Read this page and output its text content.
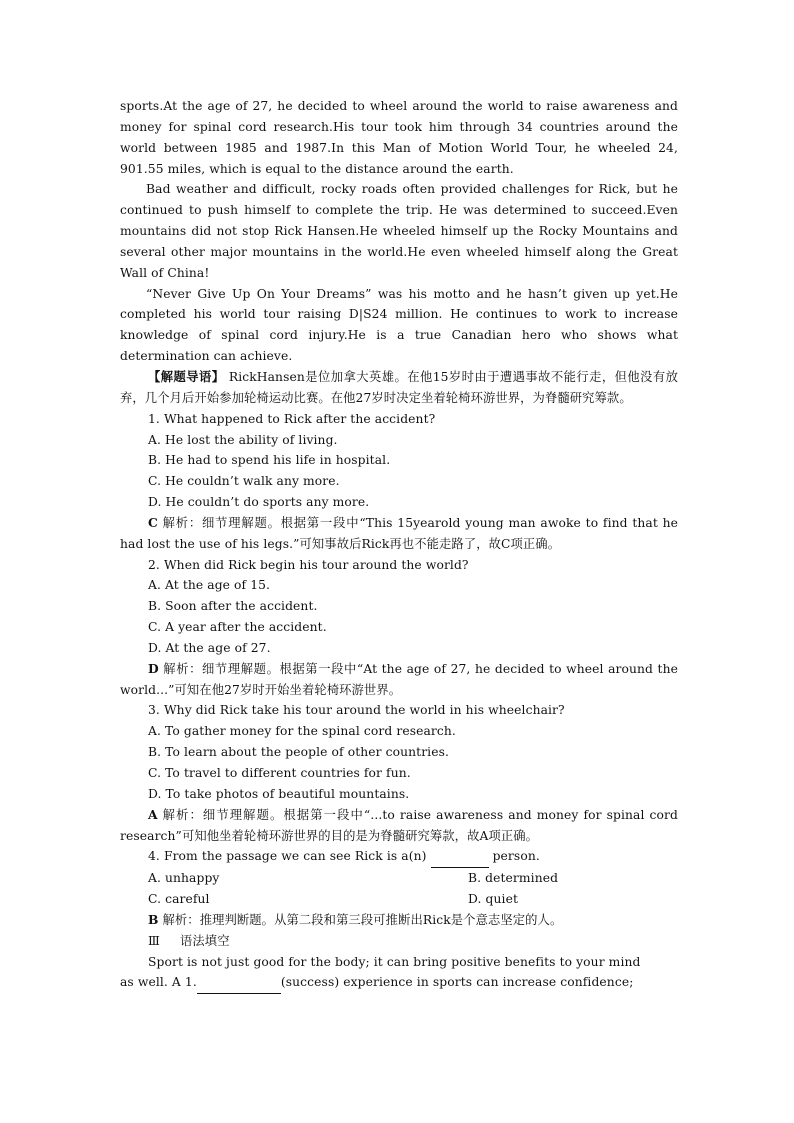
sports.At the age of 27, he decided to wheel around the world to raise awareness and money for spinal cord research.His tour took him through 34 countries around the world between 1985 and 1987.In this Man of Motion World Tour, he wheeled 24, 901.55 miles, which is equal to the distance around the earth.

Bad weather and difficult, rocky roads often provided challenges for Rick, but he continued to push himself to complete the trip. He was determined to succeed.Even mountains did not stop Rick Hansen.He wheeled himself up the Rocky Mountains and several other major mountains in the world.He even wheeled himself along the Great Wall of China!

“Never Give Up On Your Dreams” was his motto and he hasn’t given up yet.He completed his world tour raising D|S24 million. He continues to work to increase knowledge of spinal cord injury.He is a true Canadian hero who shows what determination can achieve.

【解题导语】 RickHansen是位加拿大英雄。在他15岁时由于遭遇事故不能行走，但他没有放弃，几个月后开始参加轮椅运动比赛。在他27岁时决定坐着轮椅环游世界，为脊髓研究筹款。

1. What happened to Rick after the accident?

A. He lost the ability of living.

B. He had to spend his life in hospital.

C. He couldn’t walk any more.

D. He couldn’t do sports any more.

C 解析：细节理解题。根据第一段中“This 15yearold young man awoke to find that he had lost the use of his legs.”可知事故后Rick再也不能走路了，故C项正确。

2. When did Rick begin his tour around the world?

A. At the age of 15.

B. Soon after the accident.

C. A year after the accident.

D. At the age of 27.

D 解析：细节理解题。根据第一段中“At the age of 27, he decided to wheel around the world...”可知在他27岁时开始坐着轮椅环游世界。

3. Why did Rick take his tour around the world in his wheelchair?

A. To gather money for the spinal cord research.

B. To learn about the people of other countries.

C. To travel to different countries for fun.

D. To take photos of beautiful mountains.

A 解析：细节理解题。根据第一段中“...to raise awareness and money for spinal cord research”可知他坐着轮椅环游世界的目的是为脊髓研究筹款，故A项正确。

4. From the passage we can see Rick is a(n)	person.

A. unhappy	B. determined
C. careful	D. quiet

B 解析：推理判断题。从第二段和第三段可推断出Rick是个意志坚定的人。

Ⅲ 语法填空

Sport is not just good for the body; it can bring positive benefits to your mind

as well. A 1.	(success) experience in sports can increase confidence;
